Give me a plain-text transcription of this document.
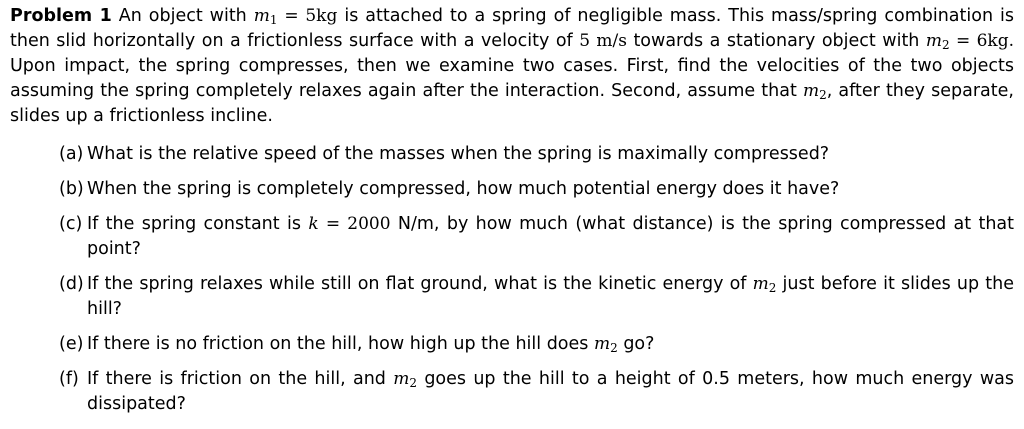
Problem 1 An object with $m_1 = 5kg$ is attached to a spring of negligible mass. This mass/spring combination is then slid horizontally on a frictionless surface with a velocity of 5 m/s towards a stationary object with $m_2 = 6kg$. Upon impact, the spring compresses, then we examine two cases. First, find the velocities of the two objects assuming the spring completely relaxes again after the interaction. Second, assume that $m_2$, after they separate, slides up a frictionless incline.

(a) What is the relative speed of the masses when the spring is maximally compressed?
(b) When the spring is completely compressed, how much potential energy does it have?
(c) If the spring constant is k = 2000 N/m, by how much (what distance) is the spring compressed at that point?
(d) If the spring relaxes while still on flat ground, what is the kinetic energy of $m_2$ just before it slides up the hill?
(e) If there is no friction on the hill, how high up the hill does $m_2$ go?
(f) If there is friction on the hill, and $m_2$ goes up the hill to a height of 0.5 meters, how much energy was dissipated?
